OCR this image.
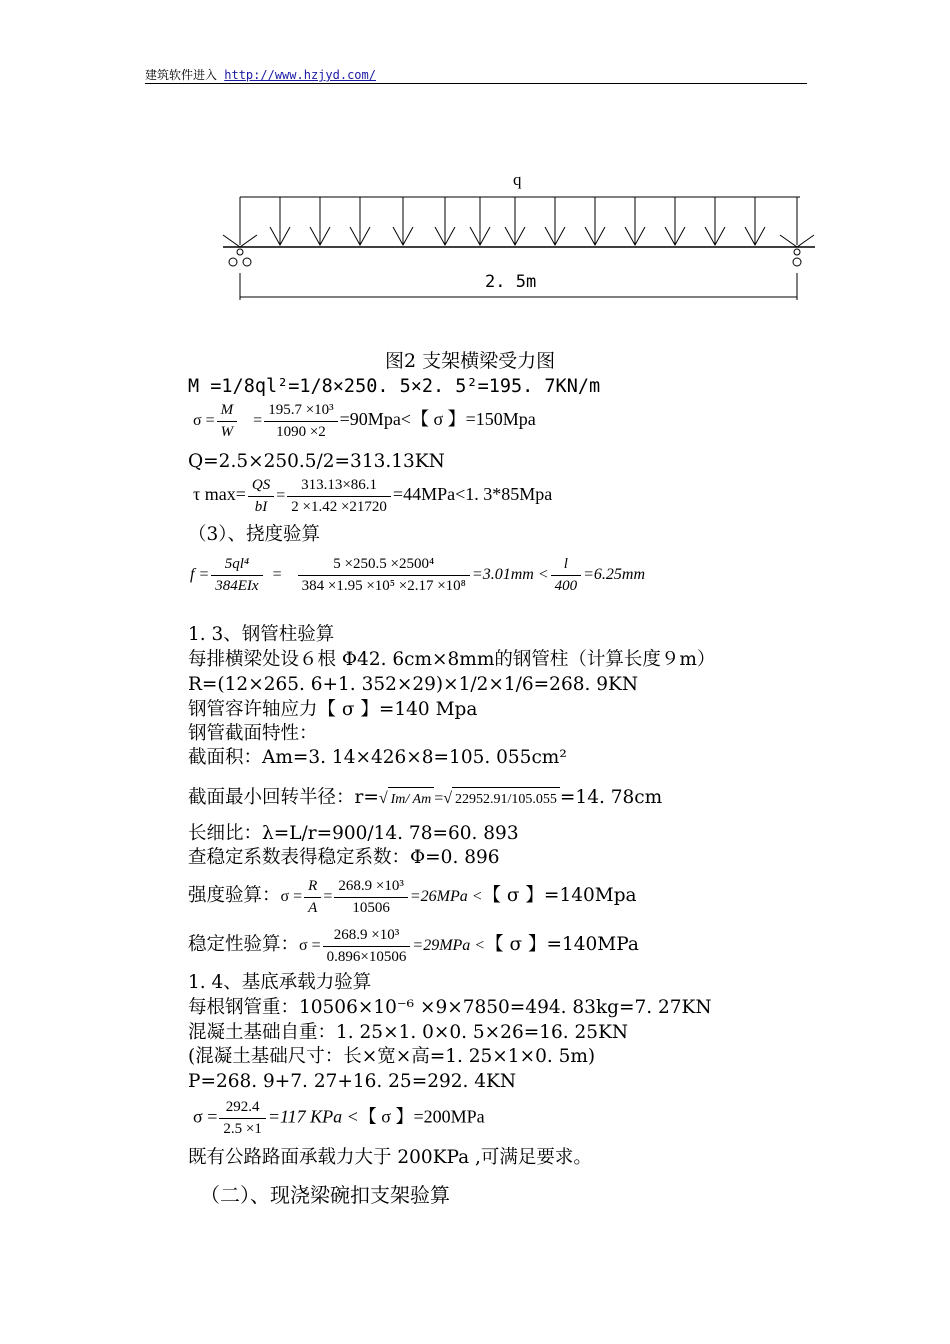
建筑软件进入 http://www.hzjyd.com/
q
2. 5m
图2 支架横梁受力图
M =1/8ql²=1/8×250. 5×2. 5²=195. 7KN/m
$\sigma = \frac{M}{W} = \frac{\text{195.7 ×10³}}{1090 \times 2} =90Mpa<$【 σ 】=150Mpa
Q=2.5×250.5/2=313.13KN
τ $\max= \frac{QS}{bI} = \frac{313.13\times 86.1}{2 \times 1.42 \times 21720} =44MPa<1$. 3*85Mpa
（3）、挠度验算
$f = \frac{\text{5ql⁴}}{\text{384EIx}} = \frac{\text{5 ×250.5 ×2500⁴}}{\text{384 ×1.95 ×10⁵ ×2.17 ×10⁸}} =3.01mm < \frac{l}{400} =6.25mm$
1. 3、钢管柱验算
每排横梁处设６根 Φ42. 6cm×8mm的钢管柱（计算长度９m）
R=(12×265. 6+1. 352×29)×1/2×1/6=268. 9KN
钢管容许轴应力【 σ 】=140 Mpa
钢管截面特性：
截面积：Am=3. 14×426×8=105. 055cm²
截面最小回转半径：r=√ Im/ Am =√ 22952.91/105.055 =14. 78cm
长细比：λ=L/r=900/14. 78=60. 893
查稳定系数表得稳定系数：Φ=0. 896
强度验算：$\sigma = \frac{R}{A} = \frac{\text{268.9 ×10³}}{10506} =26MPa$ <【 σ 】=140Mpa
稳定性验算：$\sigma = \frac{\text{268.9 ×10³}}{0.896\times 10506} =29MPa$ <【 σ 】=140MPa
1. 4、基底承载力验算
每根钢管重：10506×10⁻⁶ ×9×7850=494. 83kg=7. 27KN
混凝土基础自重：1. 25×1. 0×0. 5×26=16. 25KN
(混凝土基础尺寸：长×宽×高=1. 25×1×0. 5m)
P=268. 9+7. 27+16. 25=292. 4KN
$\sigma = \frac{292.4}{2.5 \times 1} =117$ KPa <【 σ 】=200MPa
既有公路路面承载力大于 200KPa ,可满足要求。
（二）、现浇梁碗扣支架验算
